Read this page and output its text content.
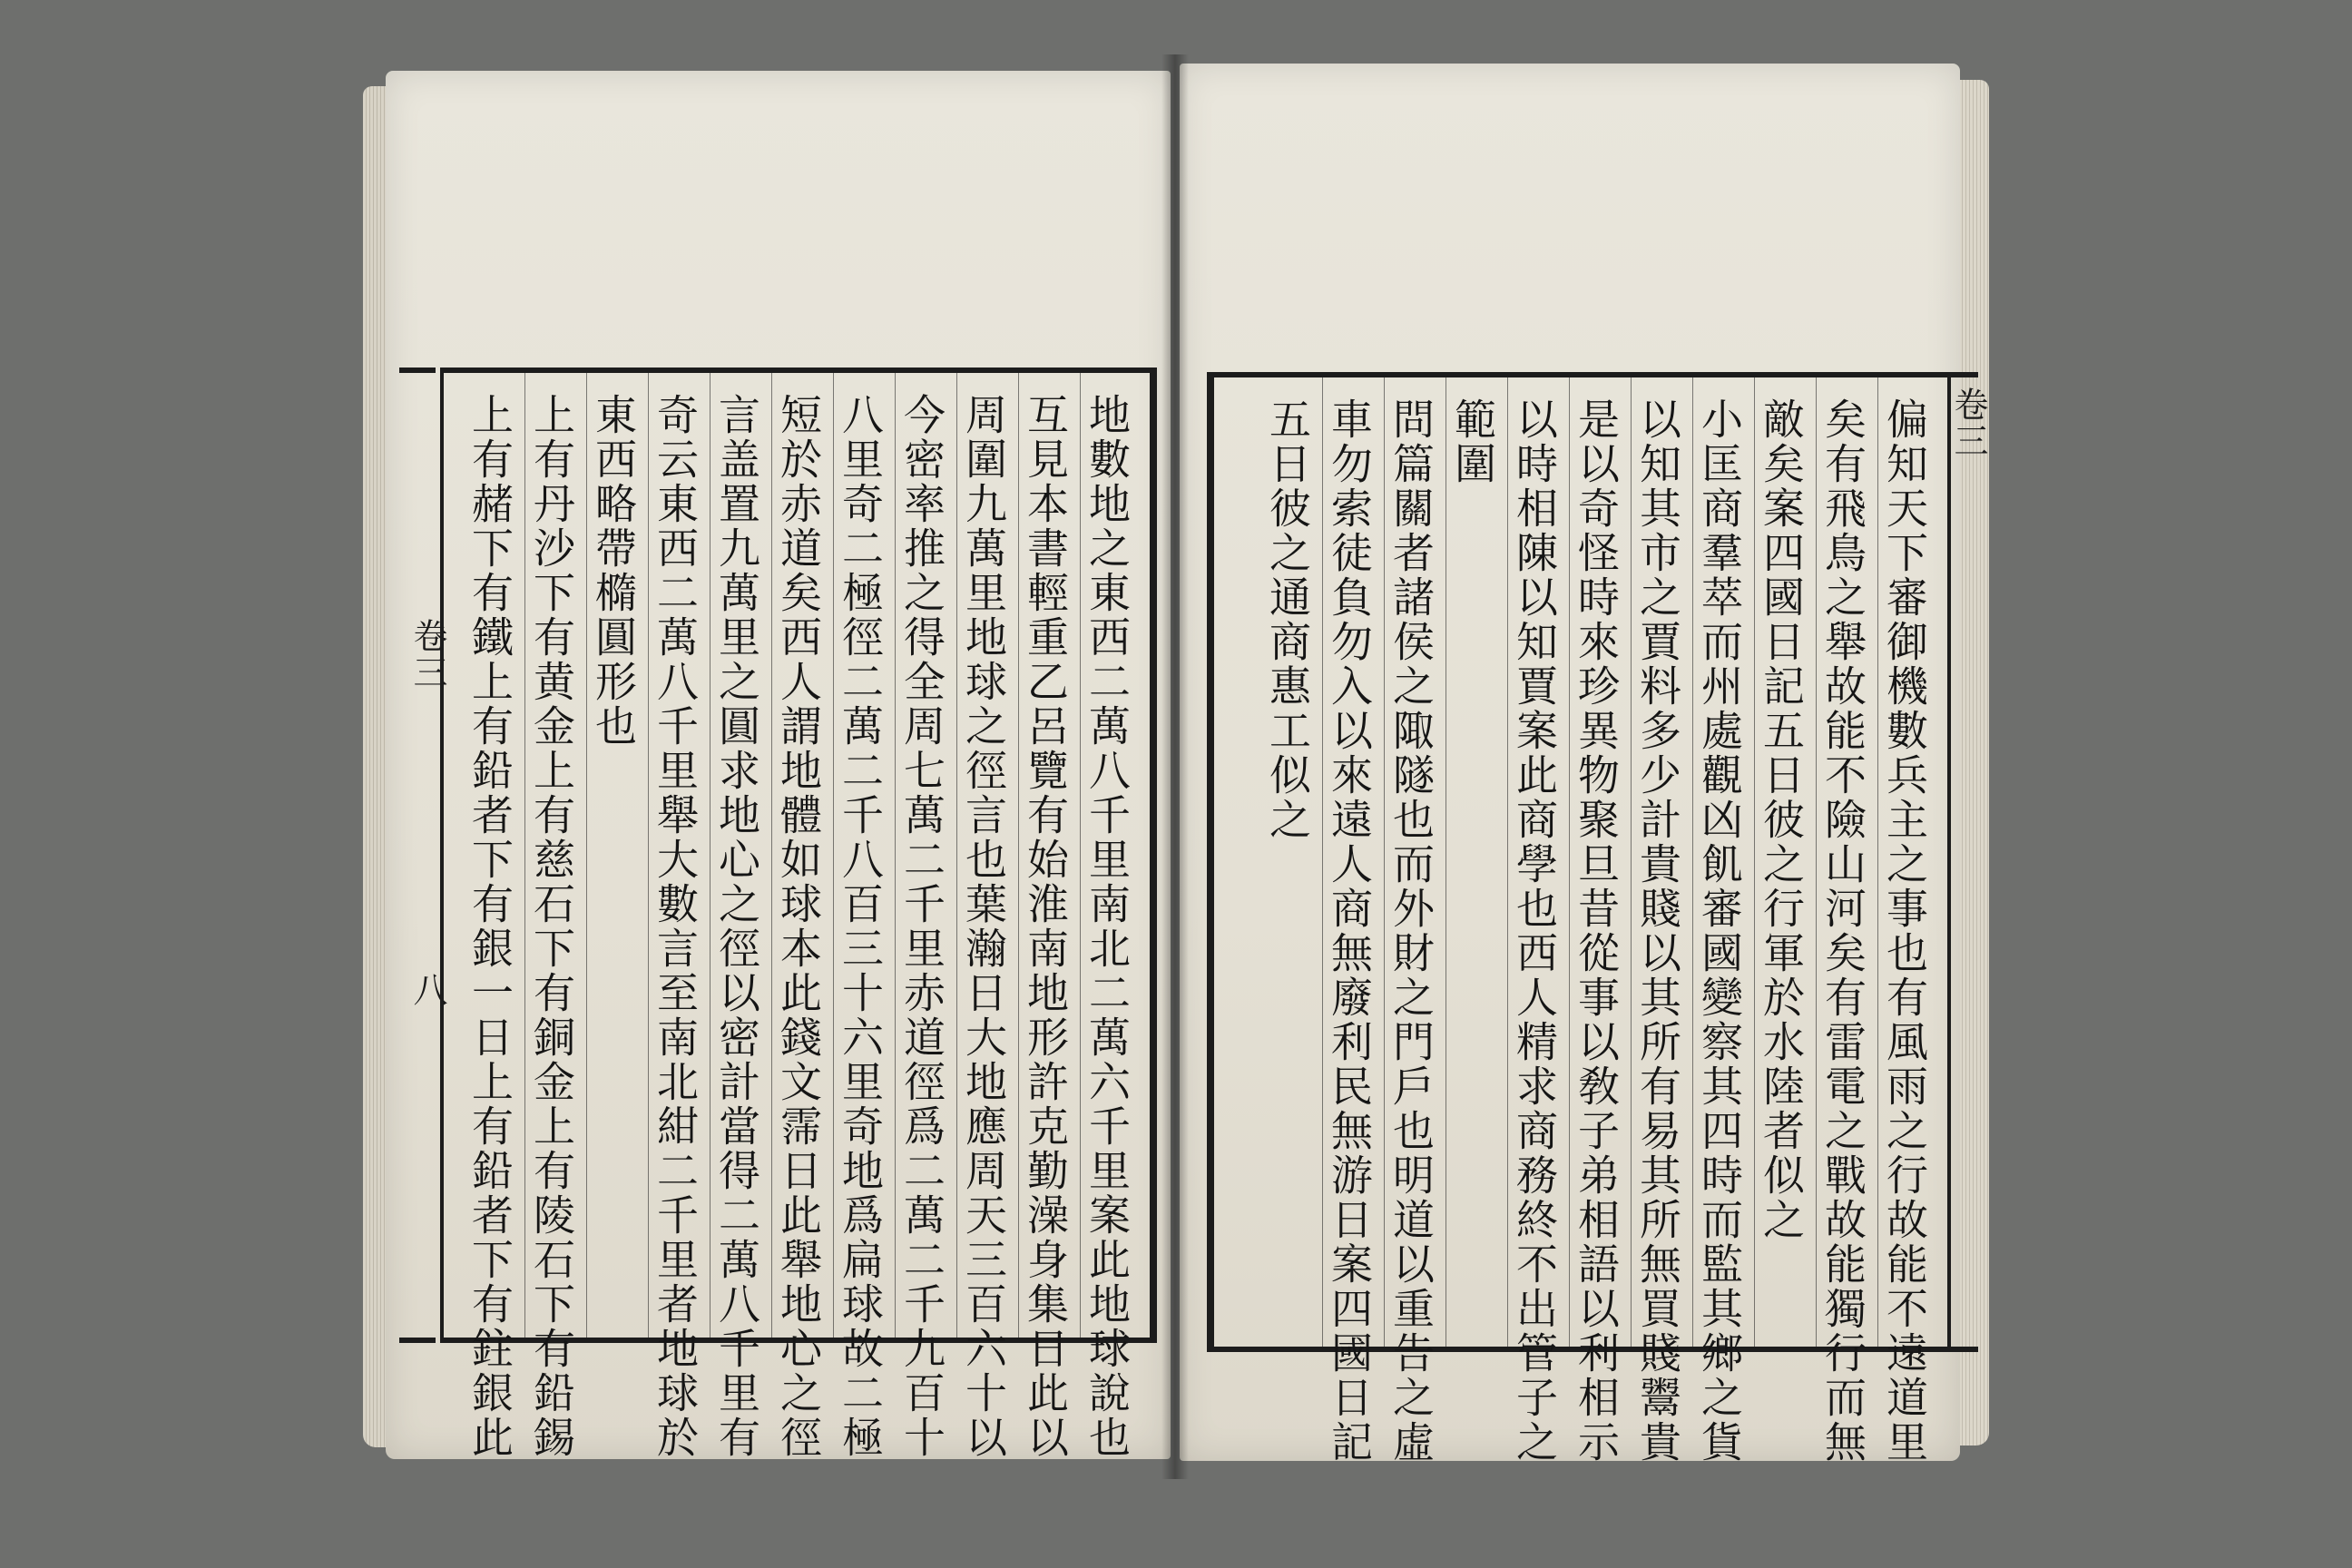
卷三
八	地數地之東西二萬八千里南北二萬六千里案此地球說也
互見本書輕重乙呂覽有始淮南地形許克勤澡身集日此以
周圍九萬里地球之徑言也葉瀚日大地應周天三百六十以
今密率推之得全周七萬二千里赤道徑爲二萬二千九百十
八里奇二極徑二萬二千八百三十六里奇地爲扁球故二極
短於赤道矣西人謂地體如球本此錢文霈日此舉地心之徑
言盖置九萬里之圓求地心之徑以密計當得二萬八千里有
奇云東西二萬八千里舉大數言至南北紺二千里者地球於
東西略帶橢圓形也
上有丹沙下有黄金上有慈石下有銅金上有陵石下有鉛錫
上有赭下有鐵上有鉛者下有銀一日上有鉛者下有鉒銀此	卷三
偏知天下審御機數兵主之事也有風雨之行故能不遠道里
矣有飛鳥之舉故能不險山河矣有雷電之戰故能獨行而無
敵矣案四國日記五日彼之行軍於水陸者似之
小匡商羣萃而州處觀凶飢審國變察其四時而監其鄉之貨
以知其市之賈料多少計貴賤以其所有易其所無買賤鬻貴
是以奇怪時來珍異物聚旦昔從事以敎子弟相語以利相示
以時相陳以知賈案此商學也西人精求商務終不出管子之
範圍
問篇關者諸侯之陬隧也而外財之門戶也明道以重告之虛
車勿索徒負勿入以來遠人商無廢利民無游日案四國日記
五日彼之通商惠工似之
